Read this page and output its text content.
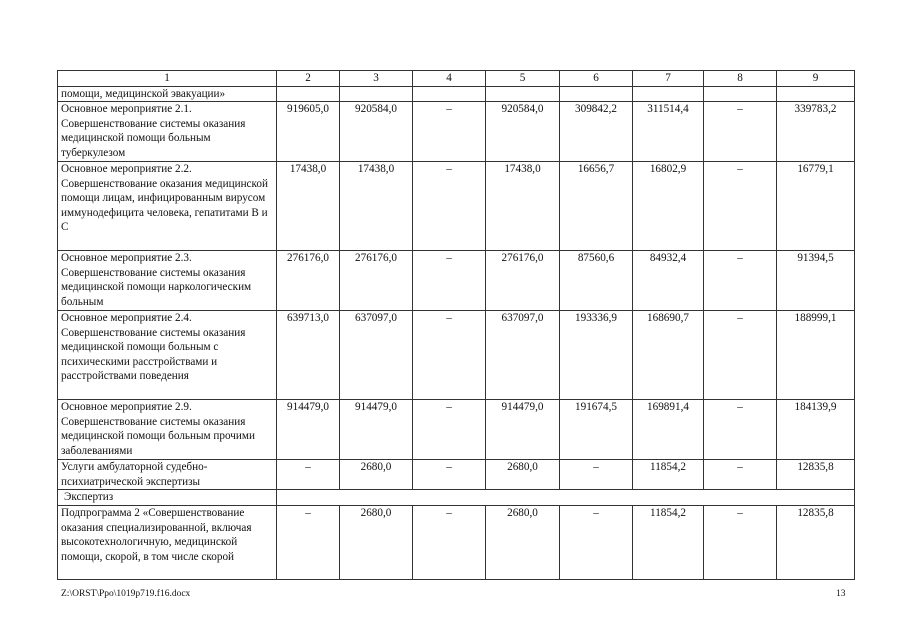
1	2	3	4	5	6	7	8	9
помощи, медицинской эвакуации»								
Основное мероприятие 2.1. Совершенствование системы оказания медицинской помощи больным туберкулезом	919605,0	920584,0	–	920584,0	309842,2	311514,4	–	339783,2
Основное мероприятие 2.2. Совершенствование оказания медицинской помощи лицам, инфицированным вирусом иммунодефицита человека, гепатитами В и С	17438,0	17438,0	–	17438,0	16656,7	16802,9	–	16779,1
Основное мероприятие 2.3. Совершенствование системы оказания медицинской помощи наркологическим больным	276176,0	276176,0	–	276176,0	87560,6	84932,4	–	91394,5
Основное мероприятие 2.4. Совершенствование системы оказания медицинской помощи больным с психическими расстройствами и расстройствами поведения	639713,0	637097,0	–	637097,0	193336,9	168690,7	–	188999,1
Основное мероприятие 2.9. Совершенствование системы оказания медицинской помощи больным прочими заболеваниями	914479,0	914479,0	–	914479,0	191674,5	169891,4	–	184139,9
Услуги амбулаторной судебно-психиатрической экспертизы	–	2680,0	–	2680,0	–	11854,2	–	12835,8
Экспертиз								
Подпрограмма 2 «Совершенствование оказания специализированной, включая высокотехнологичную, медицинской помощи, скорой, в том числе скорой	–	2680,0	–	2680,0	–	11854,2	–	12835,8
Z:\ORST\Ppo\1019p719.f16.docx	13
